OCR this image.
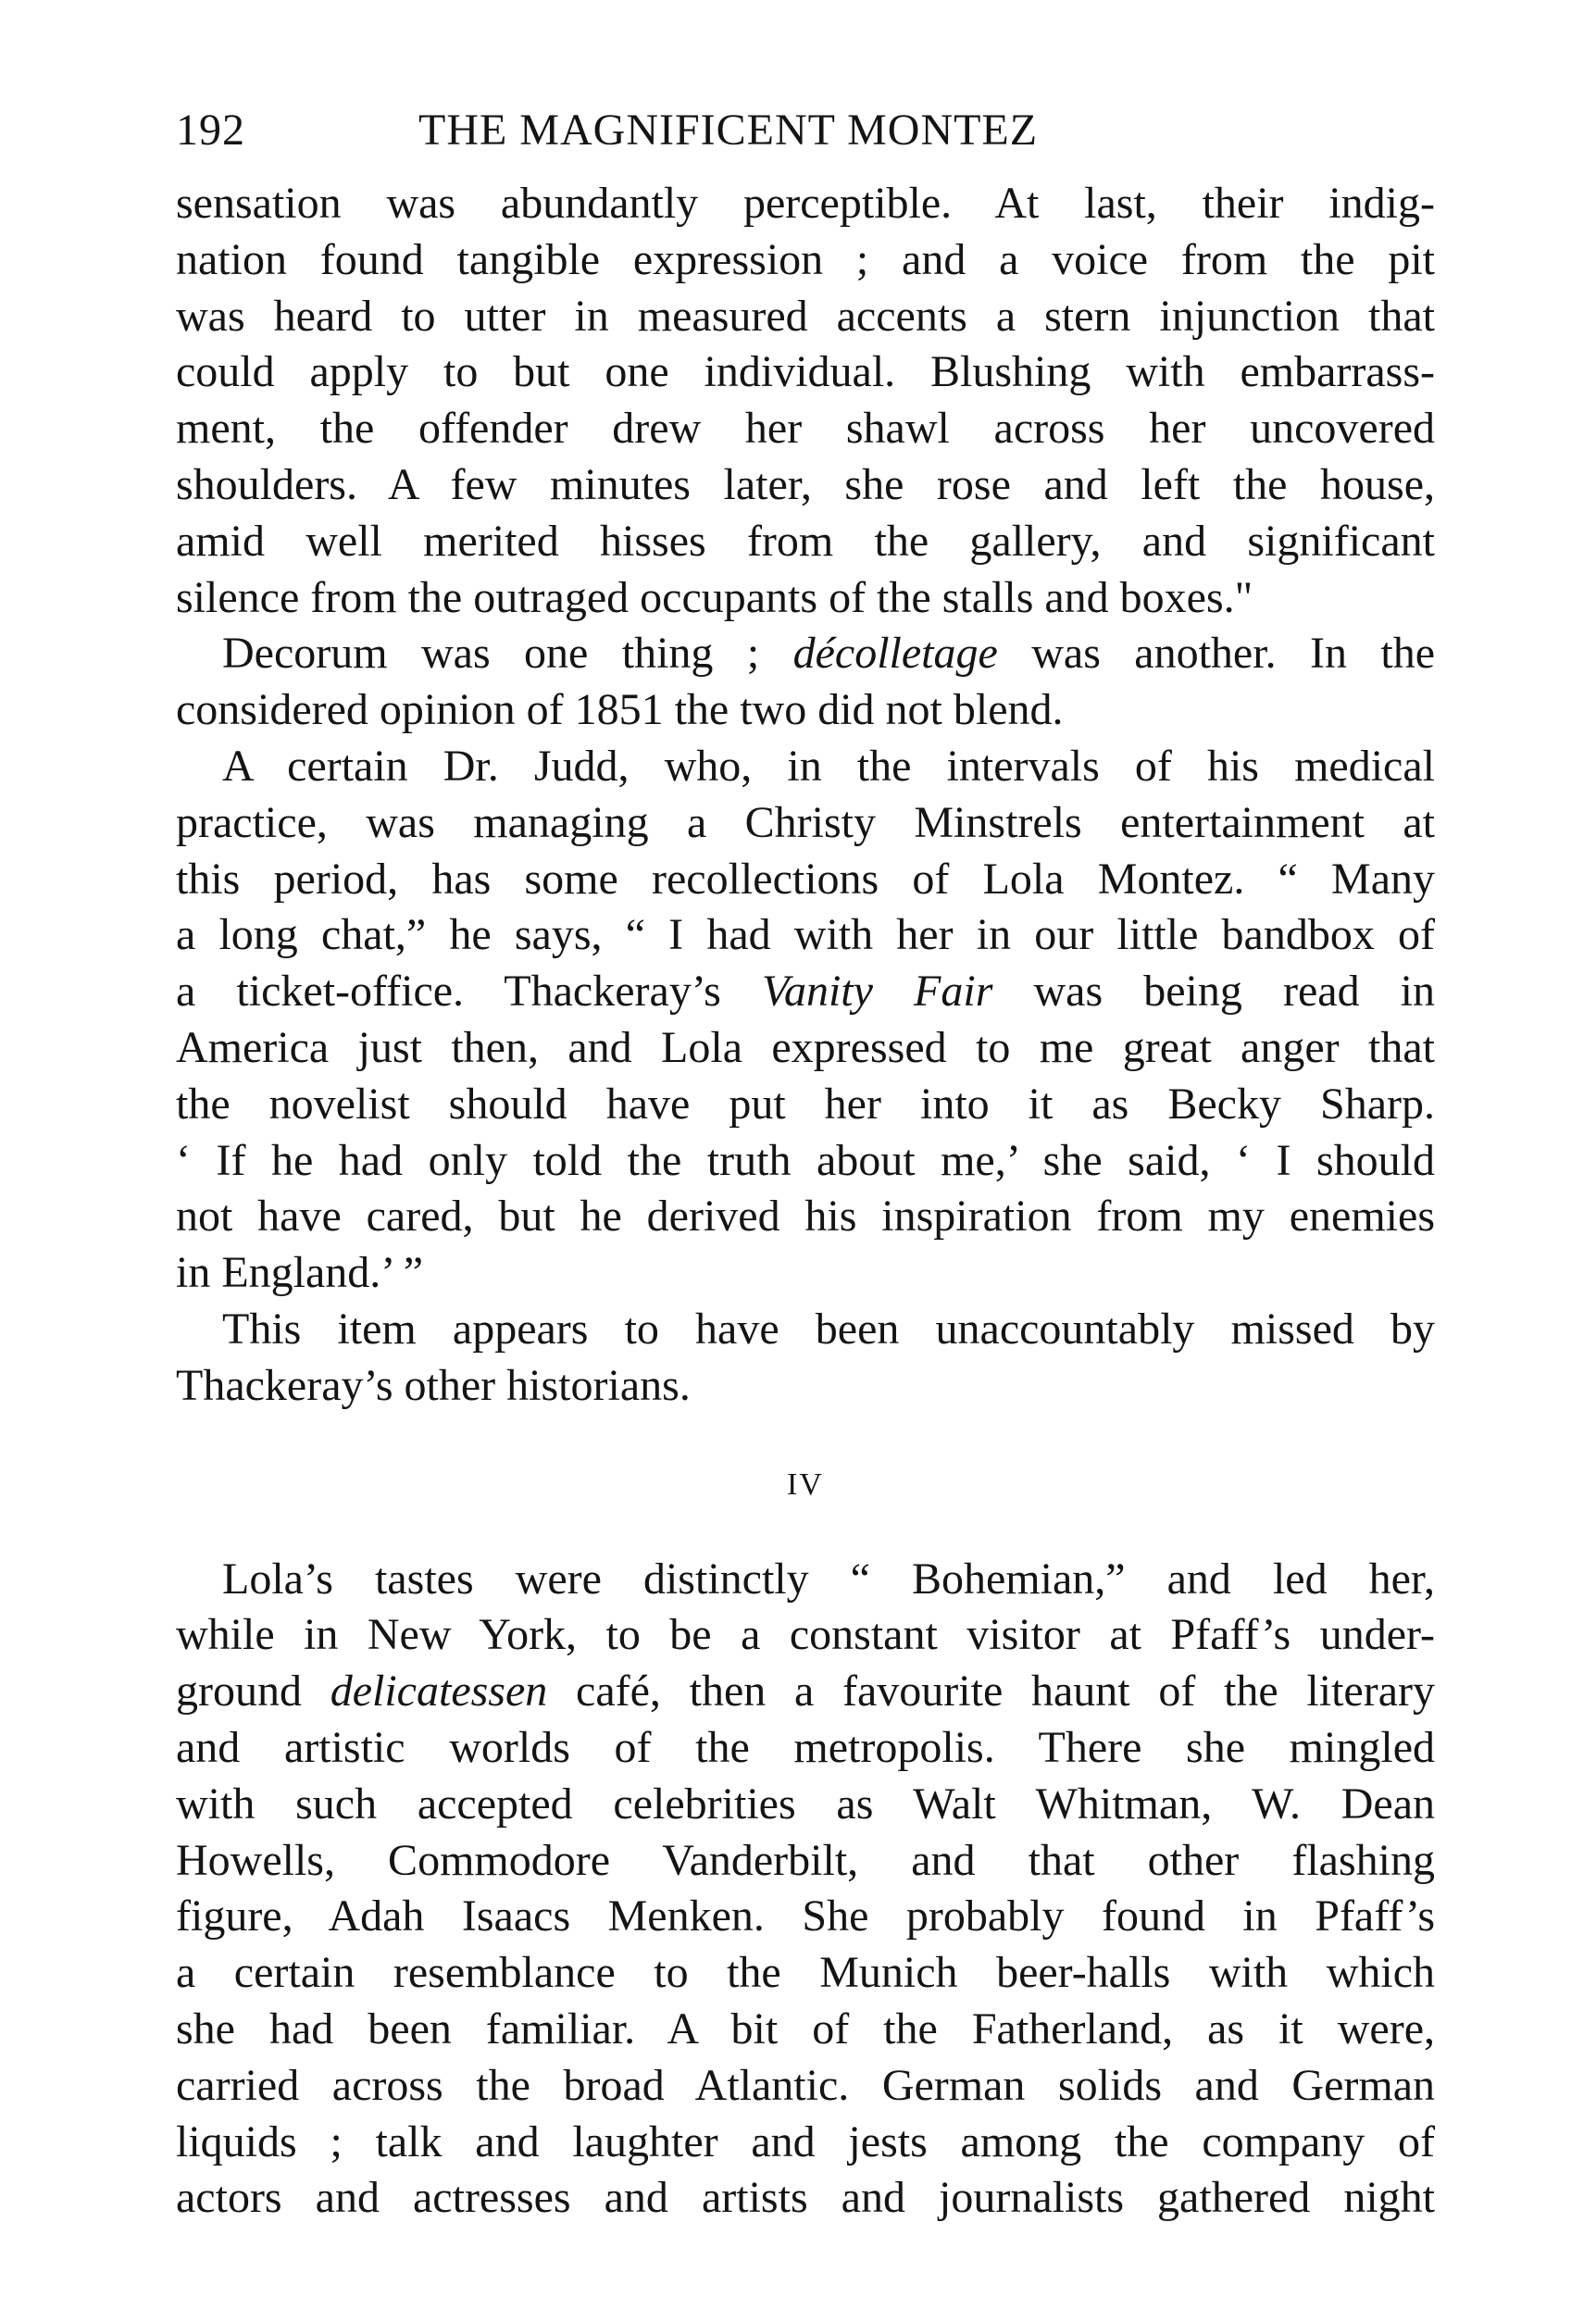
192	THE MAGNIFICENT MONTEZ
sensation was abundantly perceptible. At last, their indig-
nation found tangible expression ; and a voice from the pit
was heard to utter in measured accents a stern injunction that
could apply to but one individual. Blushing with embarrass-
ment, the offender drew her shawl across her uncovered
shoulders. A few minutes later, she rose and left the house,
amid well merited hisses from the gallery, and significant
silence from the outraged occupants of the stalls and boxes."
Decorum was one thing ; décolletage was another. In the
considered opinion of 1851 the two did not blend.
A certain Dr. Judd, who, in the intervals of his medical
practice, was managing a Christy Minstrels entertainment at
this period, has some recollections of Lola Montez. “ Many
a long chat,” he says, “ I had with her in our little bandbox of
a ticket-office. Thackeray’s Vanity Fair was being read in
America just then, and Lola expressed to me great anger that
the novelist should have put her into it as Becky Sharp.
‘ If he had only told the truth about me,’ she said, ‘ I should
not have cared, but he derived his inspiration from my enemies
in England.’ ”
This item appears to have been unaccountably missed by
Thackeray’s other historians.
IV
Lola’s tastes were distinctly “ Bohemian,” and led her,
while in New York, to be a constant visitor at Pfaff’s under-
ground delicatessen café, then a favourite haunt of the literary
and artistic worlds of the metropolis. There she mingled
with such accepted celebrities as Walt Whitman, W. Dean
Howells, Commodore Vanderbilt, and that other flashing
figure, Adah Isaacs Menken. She probably found in Pfaff’s
a certain resemblance to the Munich beer-halls with which
she had been familiar. A bit of the Fatherland, as it were,
carried across the broad Atlantic. German solids and German
liquids ; talk and laughter and jests among the company of
actors and actresses and artists and journalists gathered night
